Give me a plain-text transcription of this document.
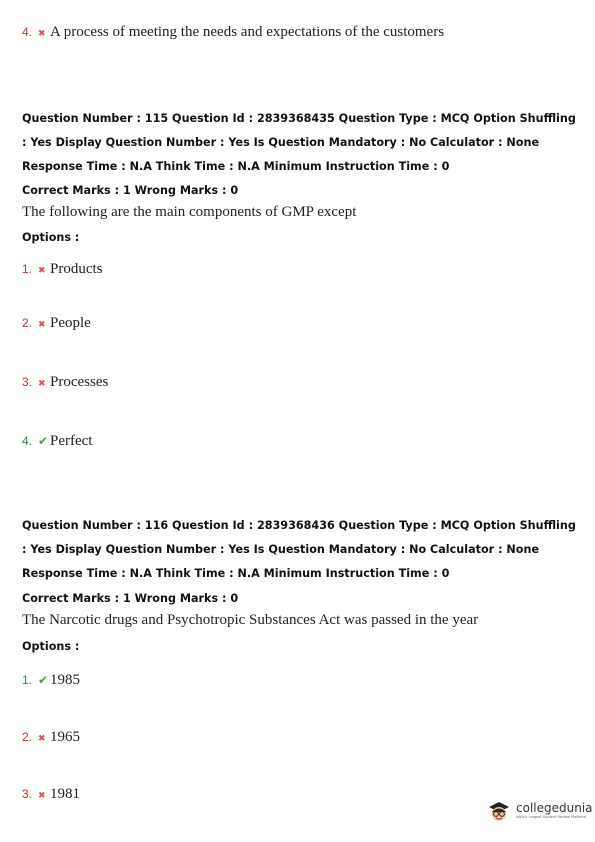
4. ✖ A process of meeting the needs and expectations of the customers
Question Number : 115 Question Id : 2839368435 Question Type : MCQ Option Shuffling : Yes Display Question Number : Yes Is Question Mandatory : No Calculator : None Response Time : N.A Think Time : N.A Minimum Instruction Time : 0
Correct Marks : 1 Wrong Marks : 0
The following are the main components of GMP except
Options :
1. ✖ Products
2. ✖ People
3. ✖ Processes
4. ✔ Perfect
Question Number : 116 Question Id : 2839368436 Question Type : MCQ Option Shuffling : Yes Display Question Number : Yes Is Question Mandatory : No Calculator : None Response Time : N.A Think Time : N.A Minimum Instruction Time : 0
Correct Marks : 1 Wrong Marks : 0
The Narcotic drugs and Psychotropic Substances Act was passed in the year
Options :
1. ✔ 1985
2. ✖ 1965
3. ✖ 1981
collegedunia
India's Largest Student Review Platform
